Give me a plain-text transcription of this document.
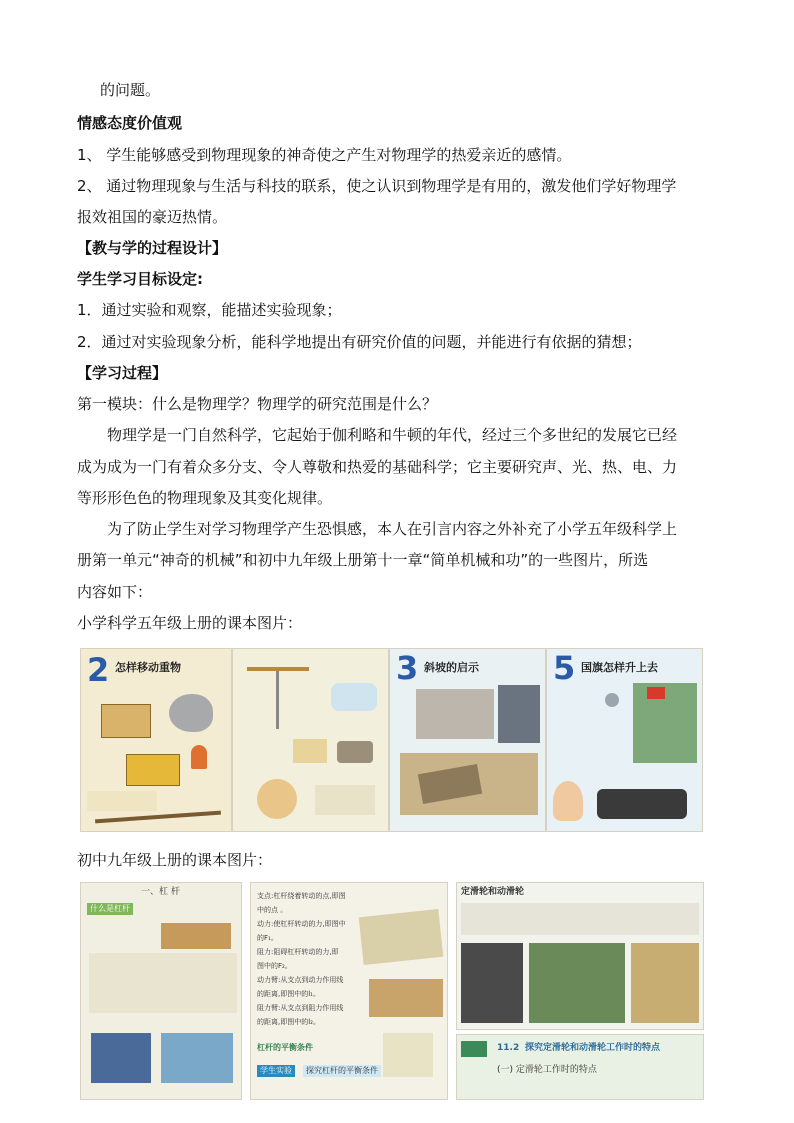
的问题。
情感态度价值观
1、 学生能够感受到物理现象的神奇使之产生对物理学的热爱亲近的感情。
2、 通过物理现象与生活与科技的联系，使之认识到物理学是有用的，激发他们学好物理学
报效祖国的豪迈热情。
【教与学的过程设计】
学生学习目标设定:
1．通过实验和观察，能描述实验现象；
2．通过对实验现象分析，能科学地提出有研究价值的问题，并能进行有依据的猜想；
【学习过程】
第一模块：什么是物理学？物理学的研究范围是什么？
物理学是一门自然科学，它起始于伽利略和牛顿的年代，经过三个多世纪的发展它已经
成为成为一门有着众多分支、令人尊敬和热爱的基础科学；它主要研究声、光、热、电、力
等形形色色的物理现象及其变化规律。
为了防止学生对学习物理学产生恐惧感，本人在引言内容之外补充了小学五年级科学上
册第一单元“神奇的机械”和初中九年级上册第十一章“简单机械和功”的一些图片，所选
内容如下：
小学科学五年级上册的课本图片：
2 怎样移动重物	3 斜坡的启示 5 国旗怎样升上去
初中九年级上册的课本图片：
一、杠 杆
什么是杠杆
支点:杠杆绕着转动的点,即图
中的点 。
动力:使杠杆转动的力,即图中
的F₁。
阻力:阻碍杠杆转动的力,即
图中的F₂。
动力臂:从支点到动力作用线
的距离,即图中的l₁。
阻力臂:从支点到阻力作用线
的距离,即图中的l₂。
杠杆的平衡条件
学生实验	探究杠杆的平衡条件
定滑轮和动滑轮
11.2 探究定滑轮和动滑轮工作时的特点
(一) 定滑轮工作时的特点
